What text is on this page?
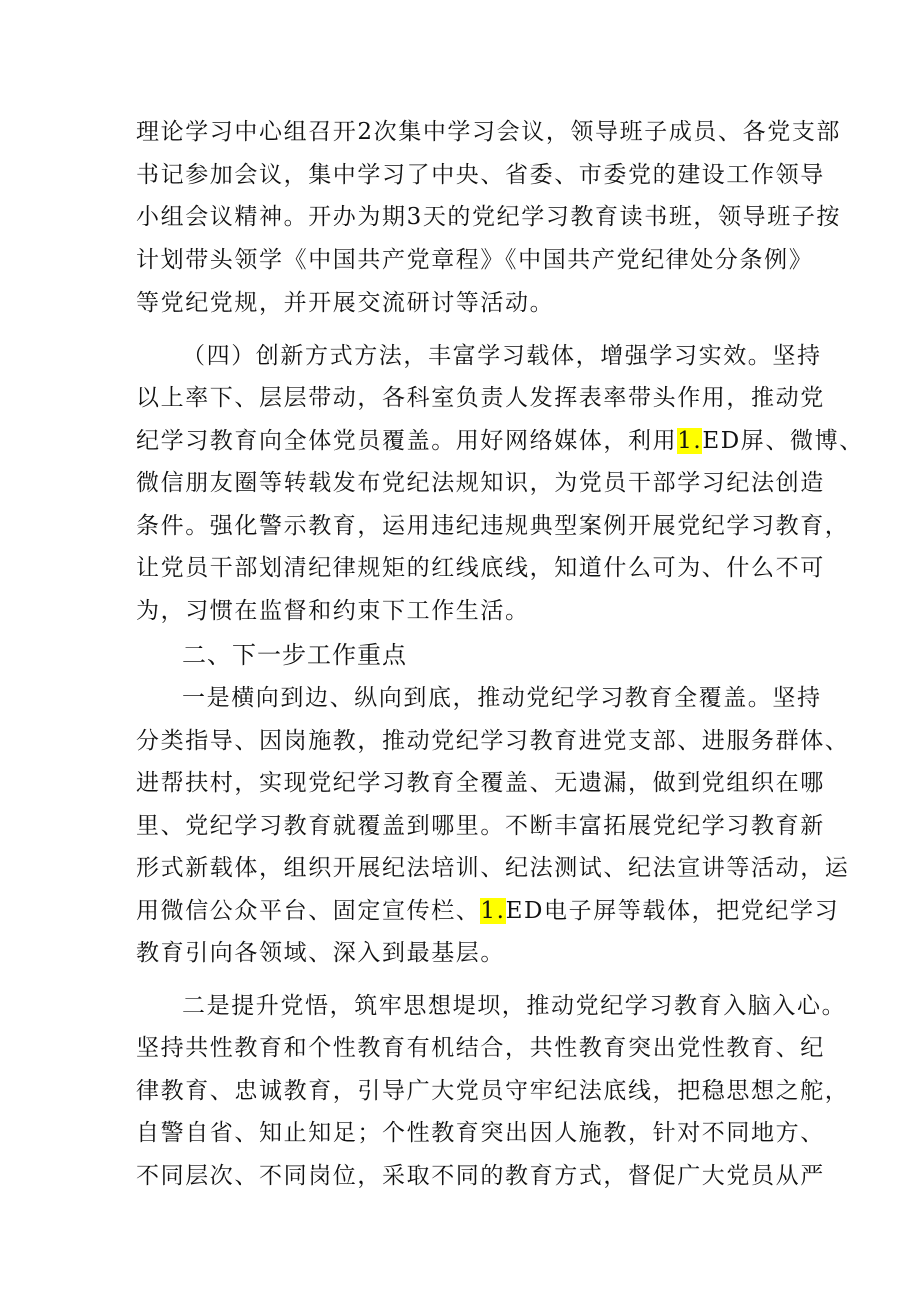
理论学习中心组召开2次集中学习会议，领导班子成员、各党支部
书记参加会议，集中学习了中央、省委、市委党的建设工作领导
小组会议精神。开办为期3天的党纪学习教育读书班，领导班子按
计划带头领学《中国共产党章程》《中国共产党纪律处分条例》
等党纪党规，并开展交流研讨等活动。
（四）创新方式方法，丰富学习载体，增强学习实效。坚持
以上率下、层层带动，各科室负责人发挥表率带头作用，推动党
纪学习教育向全体党员覆盖。用好网络媒体，利用1.ED屏、微博、
微信朋友圈等转载发布党纪法规知识，为党员干部学习纪法创造
条件。强化警示教育，运用违纪违规典型案例开展党纪学习教育，
让党员干部划清纪律规矩的红线底线，知道什么可为、什么不可
为，习惯在监督和约束下工作生活。
二、下一步工作重点
一是横向到边、纵向到底，推动党纪学习教育全覆盖。坚持
分类指导、因岗施教，推动党纪学习教育进党支部、进服务群体、
进帮扶村，实现党纪学习教育全覆盖、无遗漏，做到党组织在哪
里、党纪学习教育就覆盖到哪里。不断丰富拓展党纪学习教育新
形式新载体，组织开展纪法培训、纪法测试、纪法宣讲等活动，运
用微信公众平台、固定宣传栏、1.ED电子屏等载体，把党纪学习
教育引向各领域、深入到最基层。
二是提升党悟，筑牢思想堤坝，推动党纪学习教育入脑入心。
坚持共性教育和个性教育有机结合，共性教育突出党性教育、纪
律教育、忠诚教育，引导广大党员守牢纪法底线，把稳思想之舵，
自警自省、知止知足；个性教育突出因人施教，针对不同地方、
不同层次、不同岗位，采取不同的教育方式，督促广大党员从严
